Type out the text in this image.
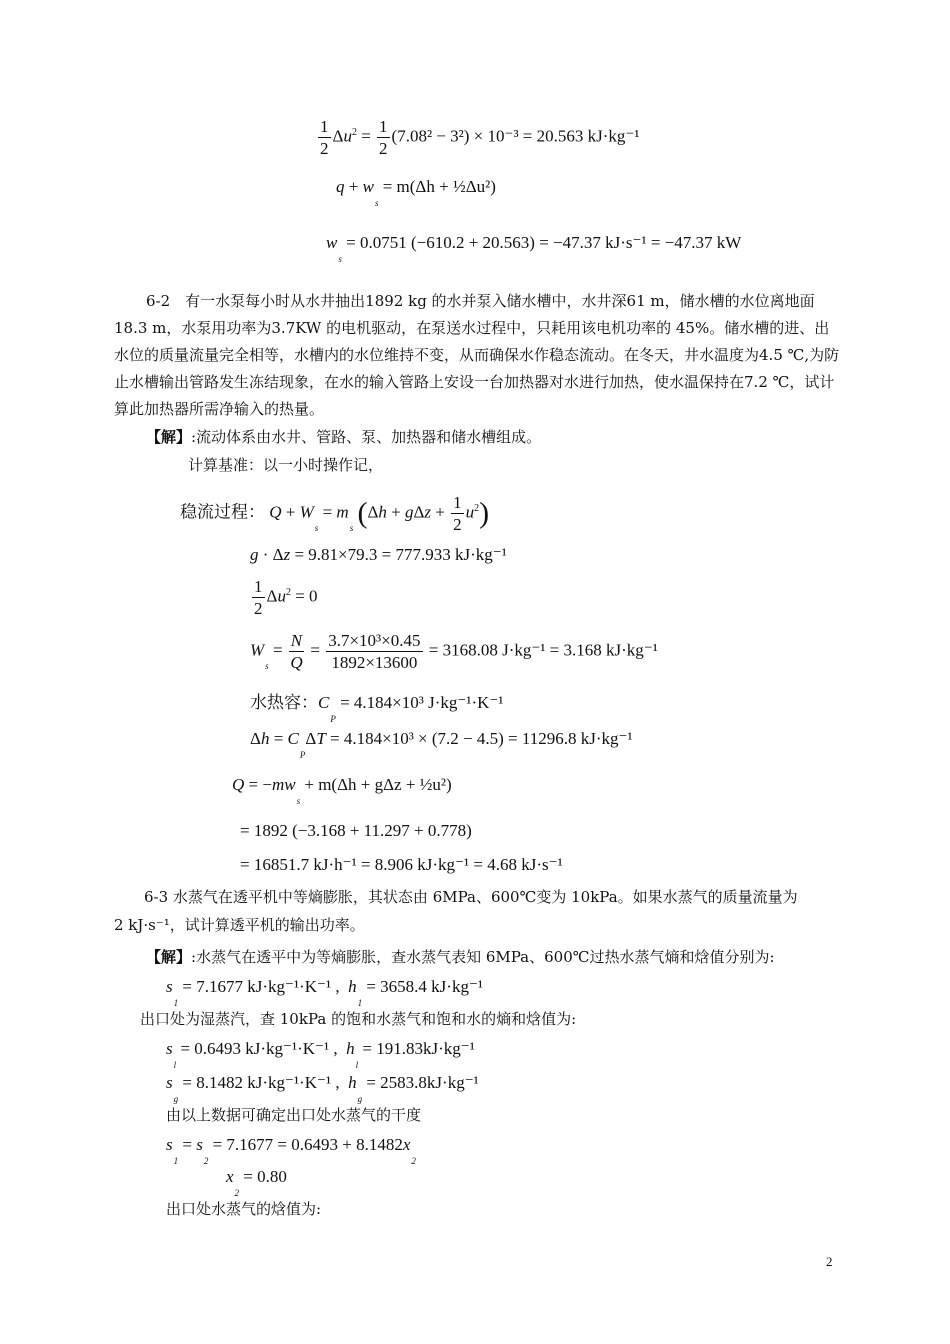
$\frac{1}{2} \Delta u^2 = \frac{1}{2} (7.08^2 - 3^2) \times 10^{-3} = 20.563$ kJ·kg⁻¹
$q + w_s = m(\Delta h$ + ½Δu²)
$w_s = 0.0751$ (−610.2 + 20.563) = −47.37 kJ·s⁻¹ = −47.37 kW
6-2　有一水泵每小时从水井抽出1892 kg 的水并泵入储水槽中，水井深61 m，储水槽的水位离地面18.3 m，水泵用功率为3.7KW 的电机驱动，在泵送水过程中，只耗用该电机功率的 45%。储水槽的进、出水位的质量流量完全相等，水槽内的水位维持不变，从而确保水作稳态流动。在冬天，井水温度为4.5 ℃,为防止水槽输出管路发生冻结现象，在水的输入管路上安设一台加热器对水进行加热，使水温保持在7.2 ℃，试计算此加热器所需净输入的热量。
【解】:流动体系由水井、管路、泵、加热器和储水槽组成。
计算基准：以一小时操作记，
稳流过程： $Q + W_s = m_s$ $(\Delta h + g\Delta z + \frac{1}{2} u^2)$
g · Δz = 9.81×79.3 = 777.933 kJ·kg⁻¹
$\frac{1}{2} \Delta u^2 = 0$
$W_s = \frac{N}{Q} = \frac{\text{3.7×10³×0.45}}{1892\times 13600} = 3168.08$ J·kg⁻¹ = 3.168 kJ·kg⁻¹
水热容：$C_P = 4.184\times 10^3$ J·kg⁻¹·K⁻¹
$\Delta h = C_P\Delta T = 4.184\times 10^3 \times (7.2 - 4.5) = 11296.8$ kJ·kg⁻¹
$Q = -mw_s + m(\Delta h + g\Delta z$ + ½u²)
= 1892 (−3.168 + 11.297 + 0.778)
= 16851.7 kJ·h⁻¹ = 8.906 kJ·kg⁻¹ = 4.68 kJ·s⁻¹
6-3 水蒸气在透平机中等熵膨胀，其状态由 6MPa、600℃变为 10kPa。如果水蒸气的质量流量为
2 kJ·s⁻¹，试计算透平机的输出功率。
【解】:水蒸气在透平中为等熵膨胀，查水蒸气表知 6MPa、600℃过热水蒸气熵和焓值分别为:
$s_1 = 7.1677$ kJ·kg⁻¹·K⁻¹ , $h_1 = 3658.4$ kJ·kg⁻¹
出口处为湿蒸汽，查 10kPa 的饱和水蒸气和饱和水的熵和焓值为:
$s_l = 0.6493$ kJ·kg⁻¹·K⁻¹ , $h_l = 191.83kJ\cdot kg^{-1}$
$s_g = 8.1482$ kJ·kg⁻¹·K⁻¹ , $h_g = 2583.8kJ\cdot kg^{-1}$
由以上数据可确定出口处水蒸气的干度
$s_1 = s_2 = 7.1677 = 0.6493 + 8.1482x_2$
$x_2 = 0.80$
出口处水蒸气的焓值为:
2
